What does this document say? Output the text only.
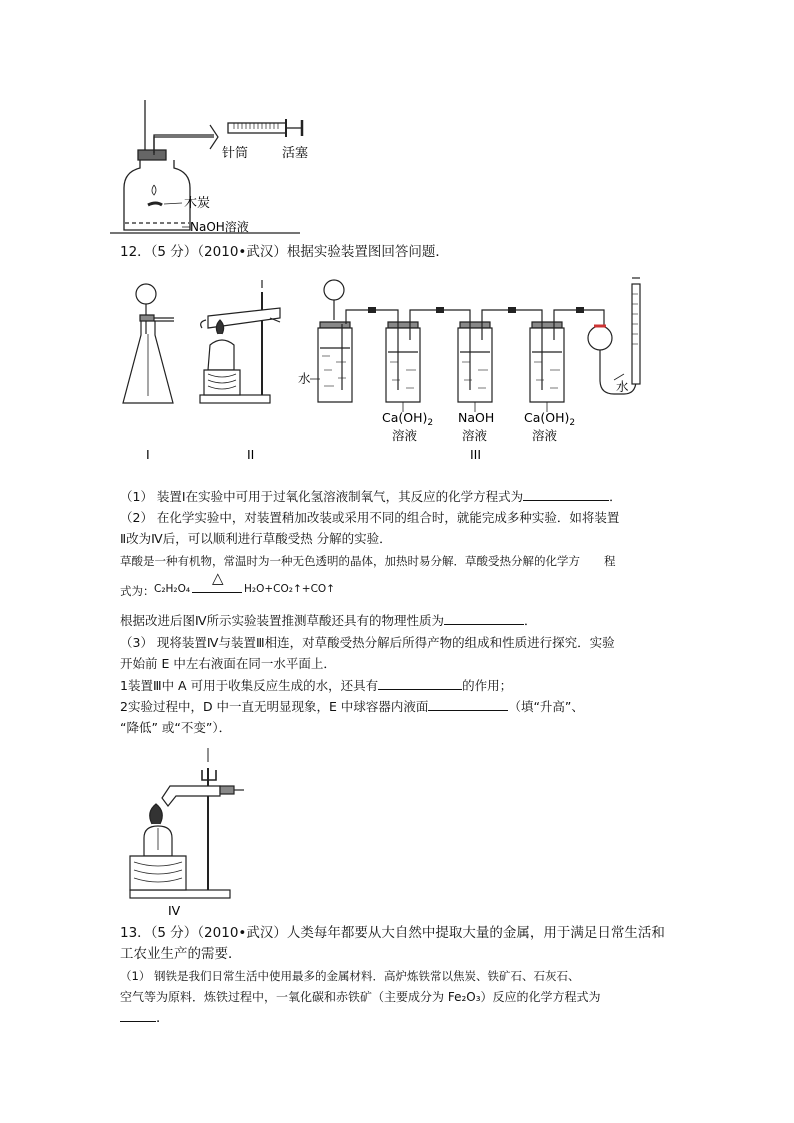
针筒	活塞
木炭
NaOH溶液
12．（5 分）（2010•武汉）根据实验装置图回答问题．
水
水
$Ca(OH)_2$
溶液
NaOH
溶液
$Ca(OH)_2$
溶液
I	II	III
（1） 装置Ⅰ在实验中可用于过氧化氢溶液制氧气，其反应的化学方程式为	．
（2） 在化学实验中，对装置稍加改装或采用不同的组合时，就能完成多种实验．如将装置
Ⅱ改为Ⅳ后，可以顺利进行草酸受热 分解的实验．
草酸是一种有机物，常温时为一种无色透明的晶体，加热时易分解．草酸受热分解的化学方 程
式为： C₂H₂O₄
△
H₂O+CO₂↑+CO↑
根据改进后图Ⅳ所示实验装置推测草酸还具有的物理性质为	．
（3） 现将装置Ⅳ与装置Ⅲ相连，对草酸受热分解后所得产物的组成和性质进行探究．实验
开始前 E 中左右液面在同一水平面上．
1装置Ⅲ中 A 可用于收集反应生成的水，还具有	的作用；
2实验过程中，D 中一直无明显现象，E 中球容器内液面	（填“升高”、
“降低” 或“不变”）．
IV
13．（5 分）（2010•武汉）人类每年都要从大自然中提取大量的金属，用于满足日常生活和
工农业生产的需要．
（1） 钢铁是我们日常生活中使用最多的金属材料．高炉炼铁常以焦炭、铁矿石、石灰石、
空气等为原料．炼铁过程中，一氧化碳和赤铁矿（主要成分为 Fe₂O₃）反应的化学方程式为
．
